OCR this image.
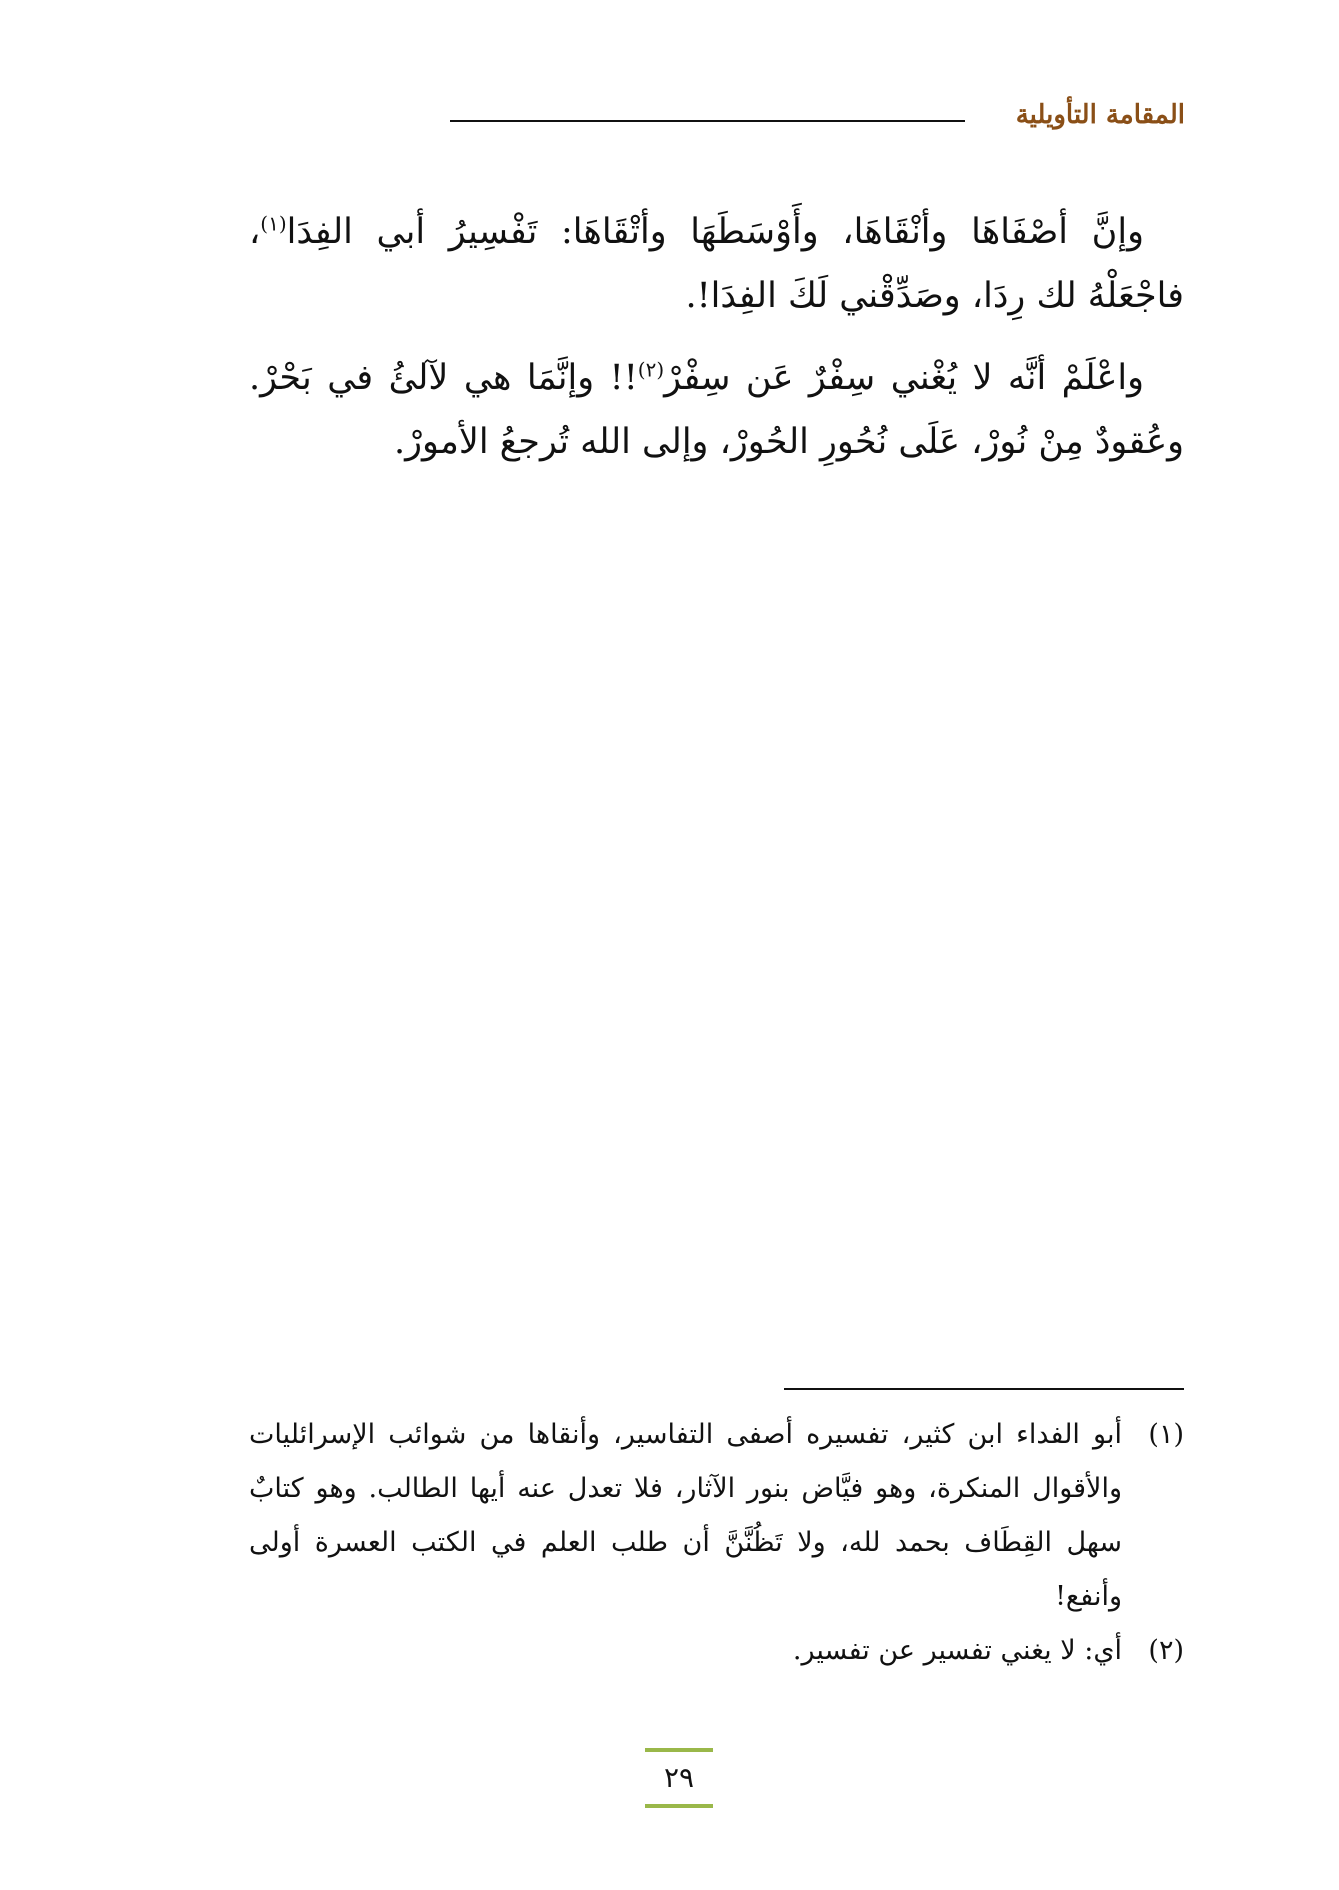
المقامة التأويلية

وإنَّ أصْفَاهَا وأنْقَاهَا، وأَوْسَطَهَا وأتْقَاهَا: تَفْسِيرُ أبي الفِدَا$^{(١)}$، فاجْعَلْهُ لك رِدَا، وصَدِّقْني لَكَ الفِدَا!.

واعْلَمْ أنَّه لا يُغْني سِفْرٌ عَن سِفْرْ$^{(٢)}$!! وإنَّمَا هي لآلئُ في بَحْرْ. وعُقودٌ مِنْ نُورْ، عَلَى نُحُورِ الحُورْ، وإلى الله تُرجعُ الأمورْ.

(١)
أبو الفداء ابن كثير، تفسيره أصفى التفاسير، وأنقاها من شوائب الإسرائليات والأقوال المنكرة، وهو فيَّاض بنور الآثار، فلا تعدل عنه أيها الطالب. وهو كتابٌ سهل القِطَاف بحمد لله، ولا تَظُنَّنَّ أن طلب العلم في الكتب العسرة أولى وأنفع!
(٢)
أي: لا يغني تفسير عن تفسير.
٢٩
